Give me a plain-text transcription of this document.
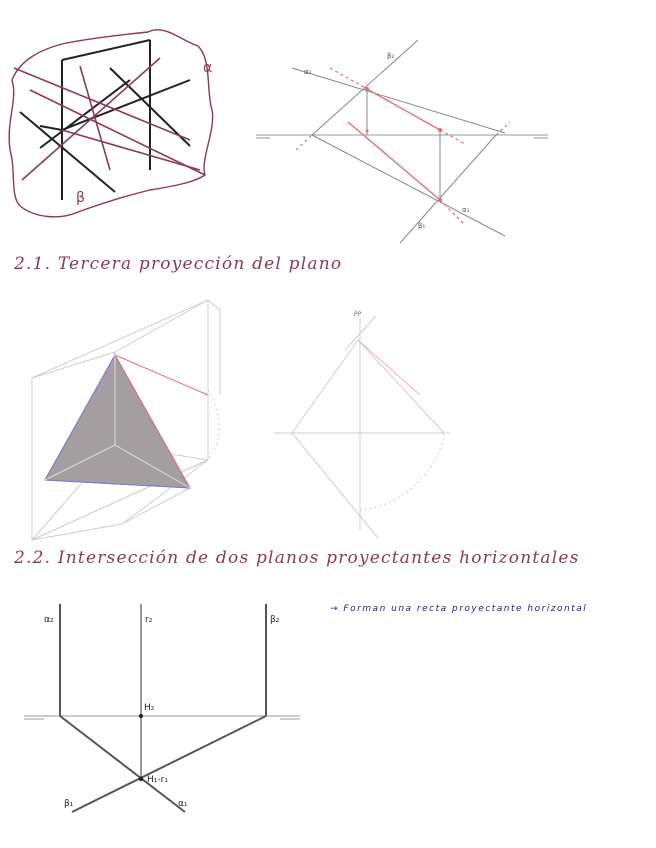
α
β
α₂
β₂
α₁
β₁
2.1. Tercera proyección del plano
PP
2.2. Intersección de dos planos proyectantes horizontales
→ Forman una recta proyectante horizontal
α₂	r₂	β₂
H₂
H₁-r₁
β₁	α₁
